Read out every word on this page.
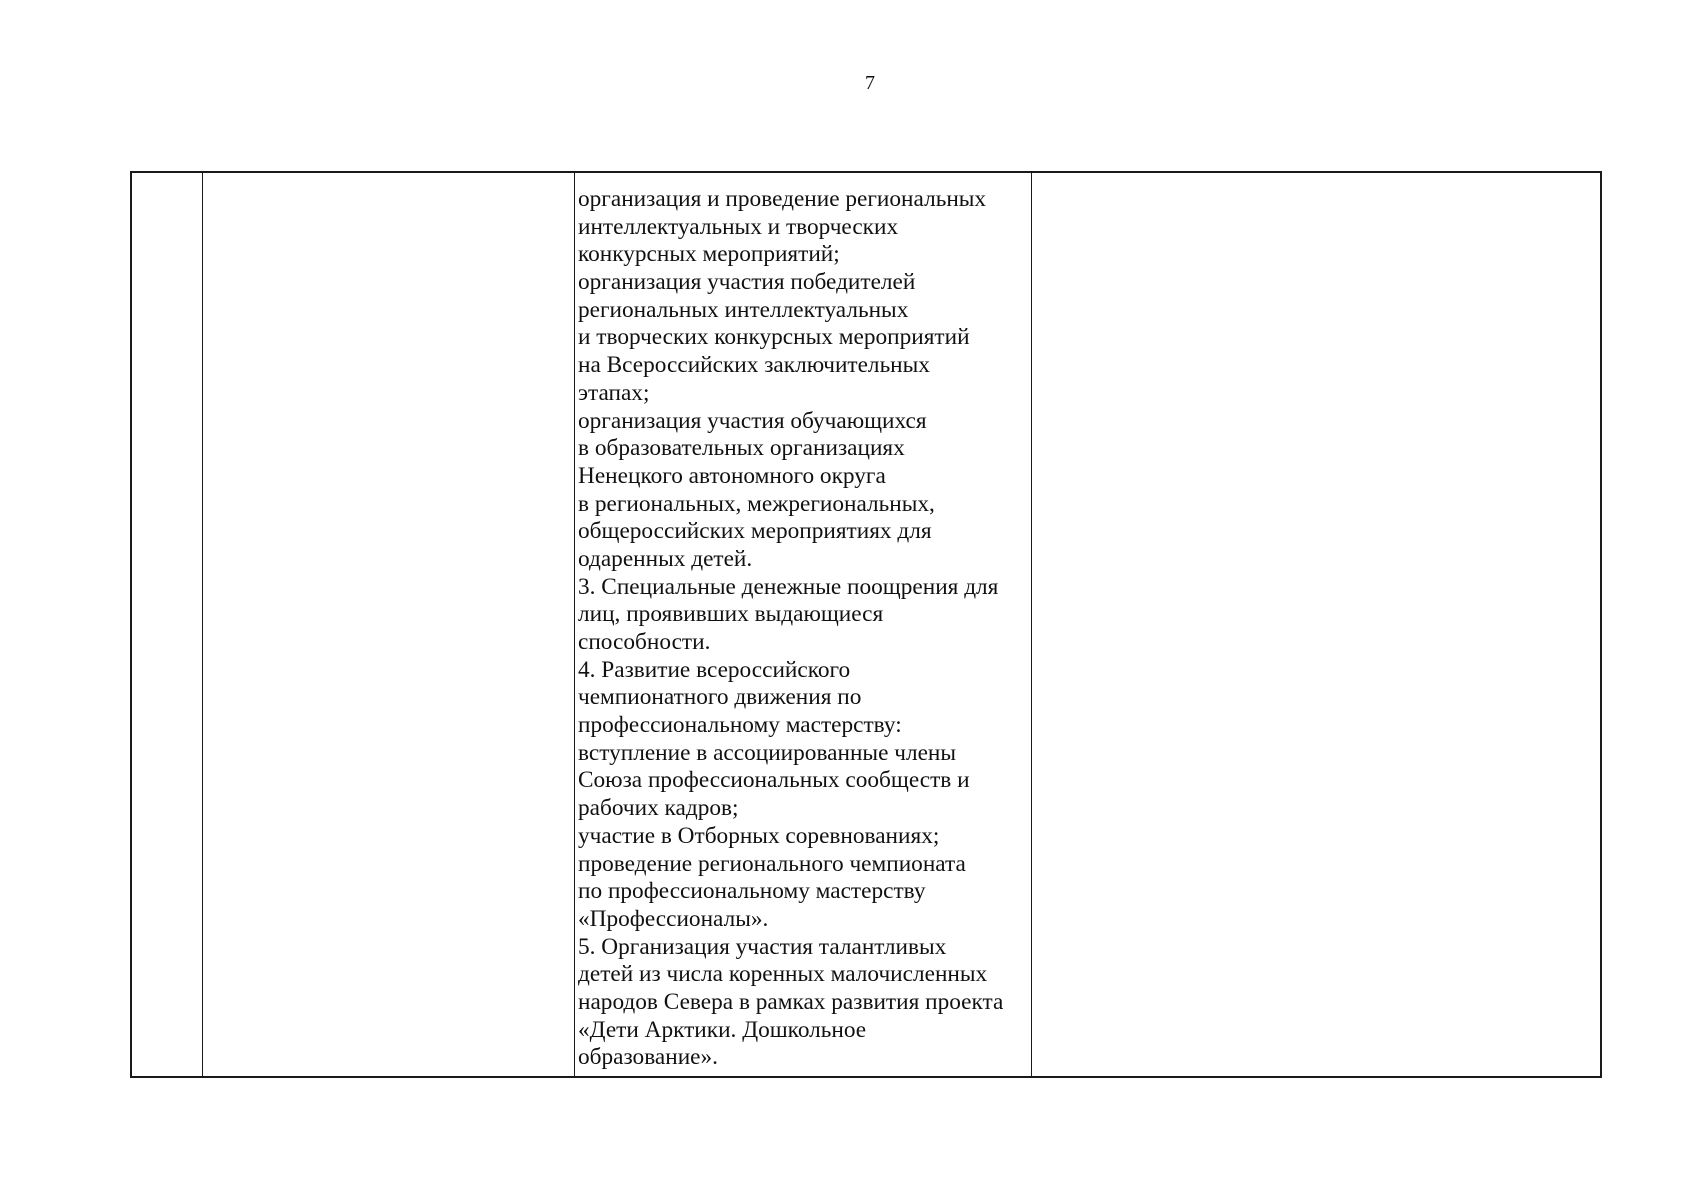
7
организация и проведение региональных
интеллектуальных и творческих
конкурсных мероприятий;
организация участия победителей
региональных интеллектуальных
и творческих конкурсных мероприятий
на Всероссийских заключительных
этапах;
организация участия обучающихся
в образовательных организациях
Ненецкого автономного округа
в региональных, межрегиональных,
общероссийских мероприятиях для
одаренных детей.
3. Специальные денежные поощрения для
лиц, проявивших выдающиеся
способности.
4. Развитие всероссийского
чемпионатного движения по
профессиональному мастерству:
вступление в ассоциированные члены
Союза профессиональных сообществ и
рабочих кадров;
участие в Отборных соревнованиях;
проведение регионального чемпионата
по профессиональному мастерству
«Профессионалы».
5. Организация участия талантливых
детей из числа коренных малочисленных
народов Севера в рамках развития проекта
«Дети Арктики. Дошкольное
образование».
